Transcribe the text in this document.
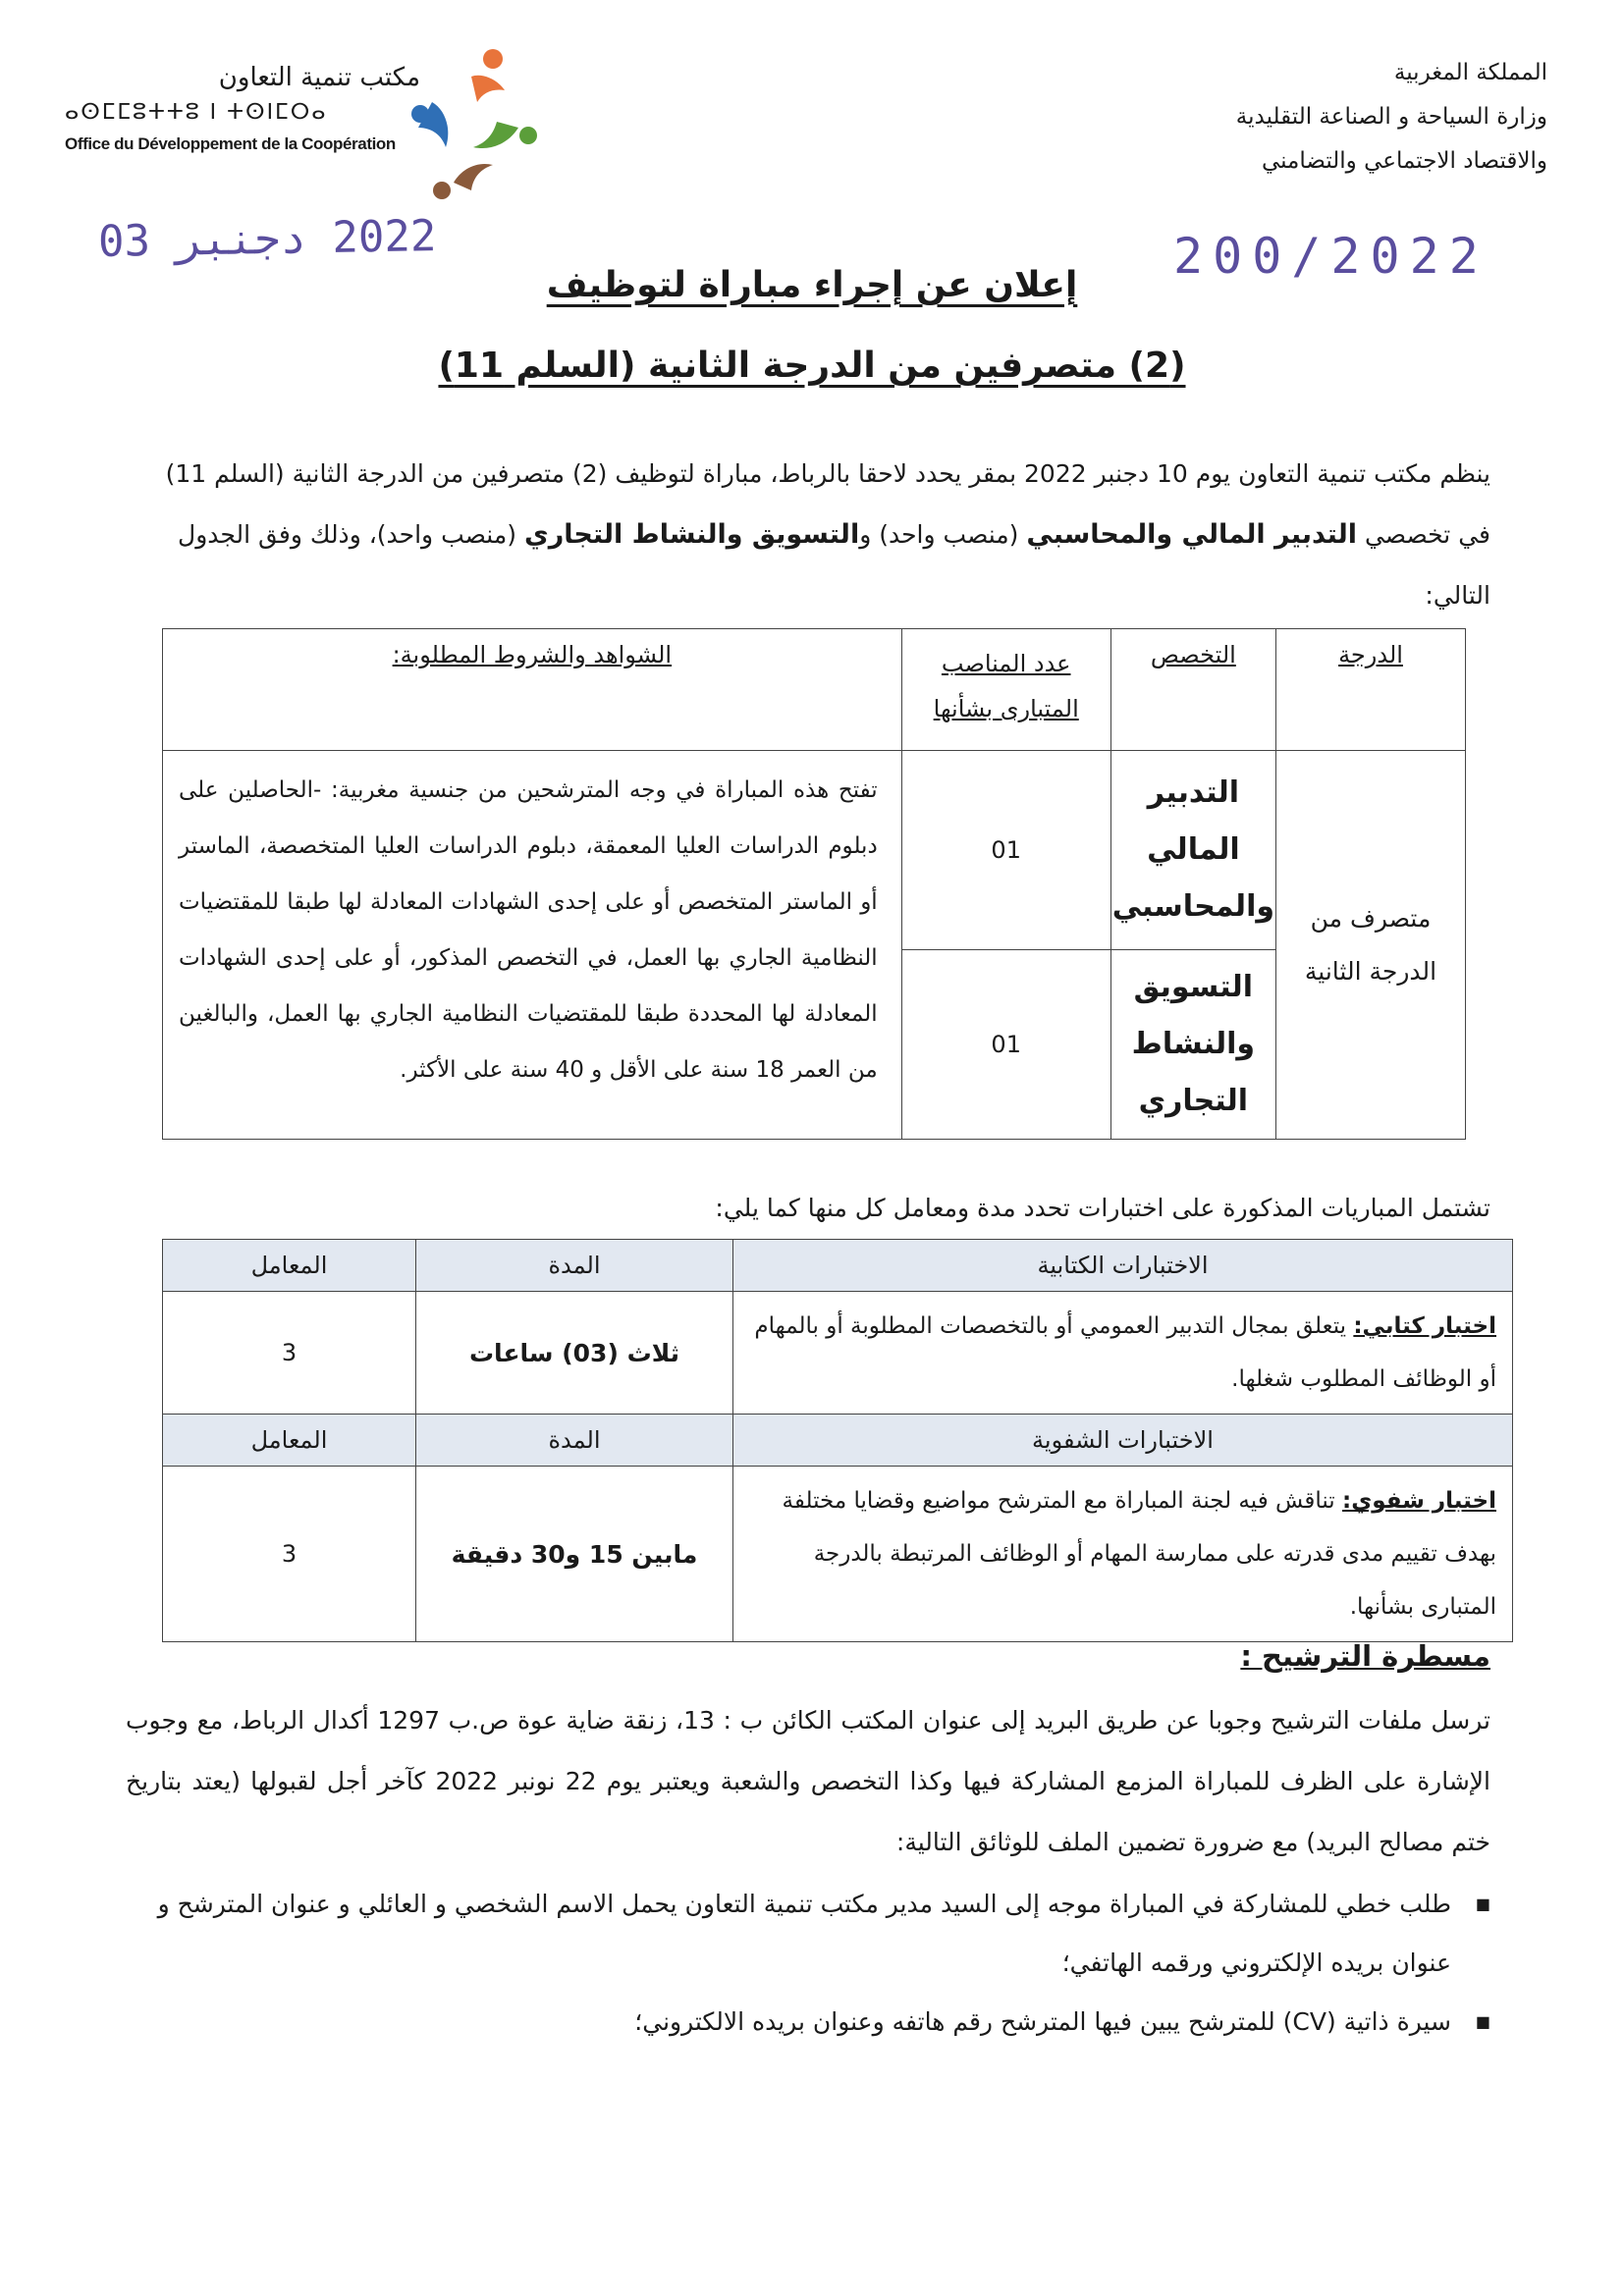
المملكة المغربية
وزارة السياحة و الصناعة التقليدية
والاقتصاد الاجتماعي والتضامني
مكتب تنمية التعاون
ⴰⵙⵎⵎⵓⵜⵜⵓ ⵏ ⵜⵙⵏⵎⵔⴰ
Office du Développement de la Coopération
2022 دجنبر 03	200/2022
إعلان عن إجراء مباراة لتوظيف
(2) متصرفين من الدرجة الثانية (السلم 11)
ينظم مكتب تنمية التعاون يوم 10 دجنبر 2022 بمقر يحدد لاحقا بالرباط، مباراة لتوظيف (2) متصرفين من الدرجة الثانية (السلم 11) في تخصصي التدبير المالي والمحاسبي (منصب واحد) والتسويق والنشاط التجاري (منصب واحد)، وذلك وفق الجدول التالي:
الدرجة	التخصص	عدد المناصب المتبارى بشأنها	الشواهد والشروط المطلوبة:
متصرف من الدرجة الثانية	التدبير المالي والمحاسبي	01	تفتح هذه المباراة في وجه المترشحين من جنسية مغربية: -الحاصلين على دبلوم الدراسات العليا المعمقة، دبلوم الدراسات العليا المتخصصة، الماستر أو الماستر المتخصص أو على إحدى الشهادات المعادلة لها طبقا للمقتضيات النظامية الجاري بها العمل، في التخصص المذكور، أو على إحدى الشهادات المعادلة لها المحددة طبقا للمقتضيات النظامية الجاري بها العمل، والبالغين من العمر 18 سنة على الأقل و 40 سنة على الأكثر.
	التسويق والنشاط التجاري	01	
تشتمل المباريات المذكورة على اختبارات تحدد مدة ومعامل كل منها كما يلي:
الاختبارات الكتابية	المدة	المعامل
اختبار كتابي: يتعلق بمجال التدبير العمومي أو بالتخصصات المطلوبة أو بالمهام أو الوظائف المطلوب شغلها.	ثلاث (03) ساعات	3
الاختبارات الشفوية	المدة	المعامل
اختبار شفوي: تناقش فيه لجنة المباراة مع المترشح مواضيع وقضايا مختلفة بهدف تقييم مدى قدرته على ممارسة المهام أو الوظائف المرتبطة بالدرجة المتبارى بشأنها.	مابين 15 و30 دقيقة	3
مسطرة الترشيح :
ترسل ملفات الترشيح وجوبا عن طريق البريد إلى عنوان المكتب الكائن ب : 13، زنقة ضاية عوة ص.ب 1297 أكدال الرباط، مع وجوب الإشارة على الظرف للمباراة المزمع المشاركة فيها وكذا التخصص والشعبة ويعتبر يوم 22 نونبر 2022 كآخر أجل لقبولها (يعتد بتاريخ ختم مصالح البريد) مع ضرورة تضمين الملف للوثائق التالية:
■ طلب خطي للمشاركة في المباراة موجه إلى السيد مدير مكتب تنمية التعاون يحمل الاسم الشخصي و العائلي و عنوان المترشح و عنوان بريده الإلكتروني ورقمه الهاتفي؛
■ سيرة ذاتية (CV) للمترشح يبين فيها المترشح رقم هاتفه وعنوان بريده الالكتروني؛
